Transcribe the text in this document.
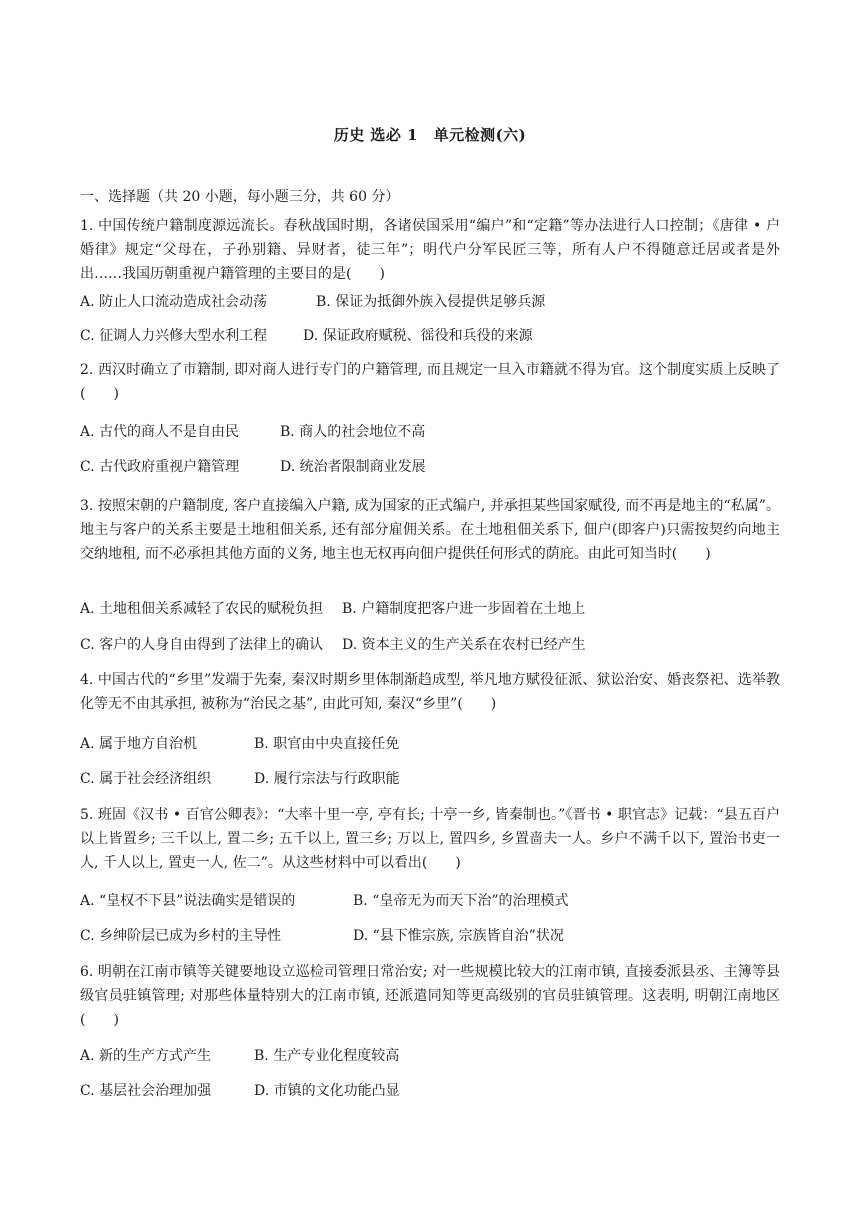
历史 选必 1　单元检测(六)
一、选择题（共 20 小题，每小题三分，共 60 分）
1. 中国传统户籍制度源远流长。春秋战国时期，各诸侯国采用“编户”和“定籍”等办法进行人口控制；《唐律 • 户婚律》规定“父母在，子孙别籍、异财者，徒三年”；明代户分军民匠三等，所有人户不得随意迁居或者是外出……我国历朝重视户籍管理的主要目的是(　　)
A. 防止人口流动造成社会动荡	B. 保证为抵御外族入侵提供足够兵源
C. 征调人力兴修大型水利工程	D. 保证政府赋税、徭役和兵役的来源
2. 西汉时确立了市籍制, 即对商人进行专门的户籍管理, 而且规定一旦入市籍就不得为官。这个制度实质上反映了(　　)
A. 古代的商人不是自由民	B. 商人的社会地位不高
C. 古代政府重视户籍管理	D. 统治者限制商业发展
3. 按照宋朝的户籍制度, 客户直接编入户籍, 成为国家的正式编户, 并承担某些国家赋役, 而不再是地主的“私属”。地主与客户的关系主要是土地租佃关系, 还有部分雇佣关系。在土地租佃关系下, 佃户(即客户)只需按契约向地主交纳地租, 而不必承担其他方面的义务, 地主也无权再向佃户提供任何形式的荫庇。由此可知当时(　　)
A. 土地租佃关系减轻了农民的赋税负担 B. 户籍制度把客户进一步固着在土地上
C. 客户的人身自由得到了法律上的确认 D. 资本主义的生产关系在农村已经产生
4. 中国古代的“乡里”发端于先秦, 秦汉时期乡里体制渐趋成型, 举凡地方赋役征派、狱讼治安、婚丧祭祀、选举教化等无不由其承担, 被称为“治民之基”, 由此可知, 秦汉“乡里”(　　)
A. 属于地方自治机	B. 职官由中央直接任免
C. 属于社会经济组织	D. 履行宗法与行政职能
5. 班固《汉书 • 百官公卿表》：“大率十里一亭, 亭有长; 十亭一乡, 皆秦制也。”《晋书 • 职官志》记载：“县五百户以上皆置乡; 三千以上, 置二乡; 五千以上, 置三乡; 万以上, 置四乡, 乡置啬夫一人。乡户不满千以下, 置治书吏一人, 千人以上, 置吏一人, 佐二”。从这些材料中可以看出(　　)
A. “皇权不下县”说法确实是错误的	B. “皇帝无为而天下治”的治理模式
C. 乡绅阶层已成为乡村的主导性	D. “县下惟宗族, 宗族皆自治”状况
6. 明朝在江南市镇等关键要地设立巡检司管理日常治安; 对一些规模比较大的江南市镇, 直接委派县丞、主簿等县级官员驻镇管理; 对那些体量特别大的江南市镇, 还派遣同知等更高级别的官员驻镇管理。这表明, 明朝江南地区(　　)
A. 新的生产方式产生	B. 生产专业化程度较高
C. 基层社会治理加强	D. 市镇的文化功能凸显
